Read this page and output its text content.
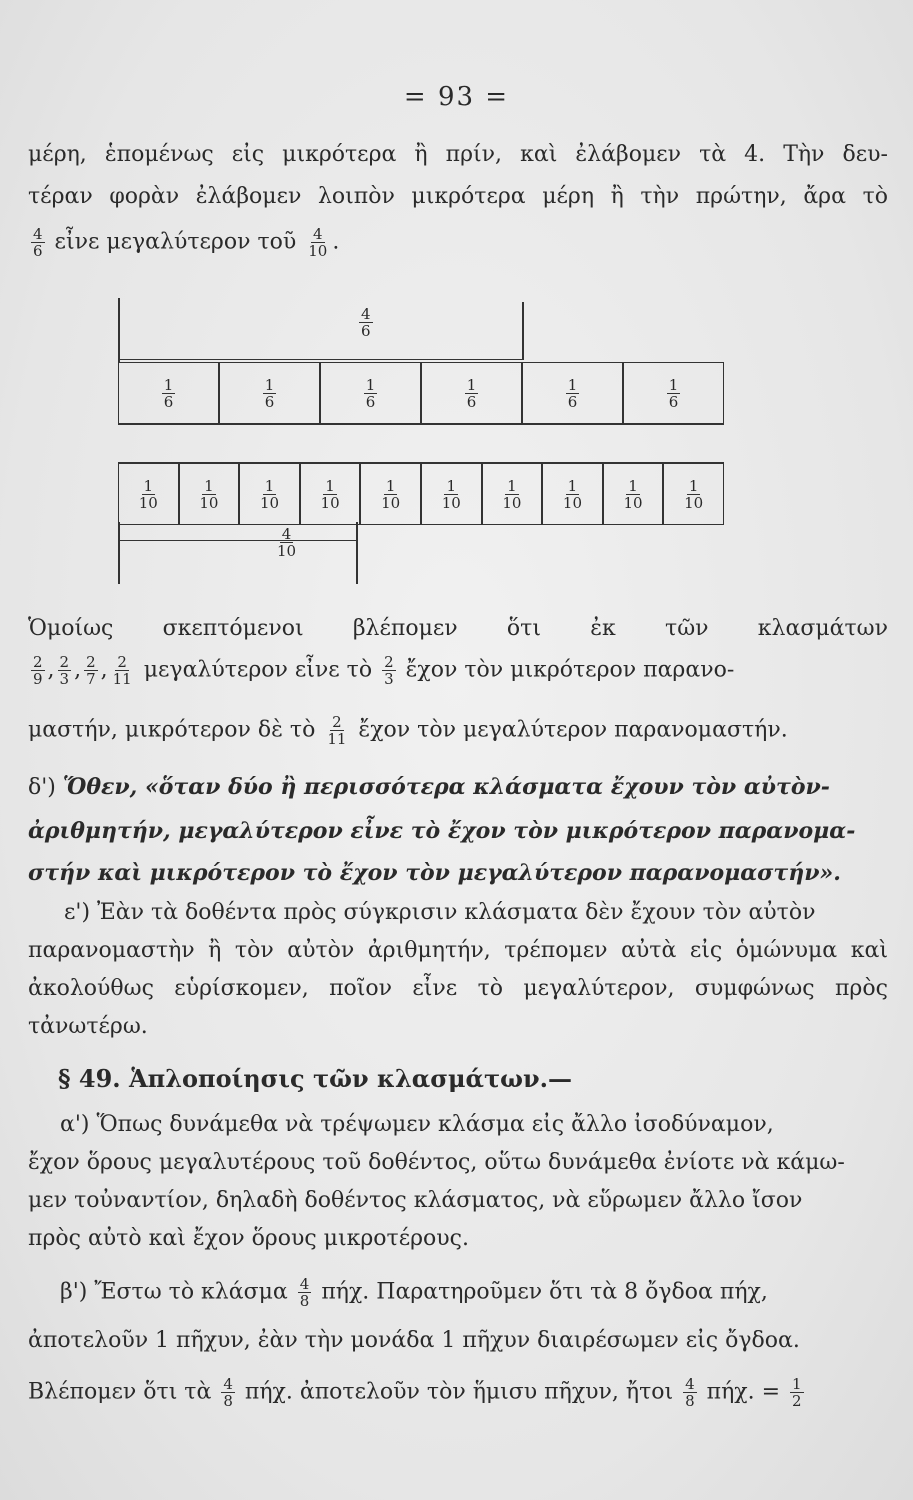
= 93 =
μέρη, ἑπομένως εἰς μικρότερα ἢ πρίν, καὶ ἐλάβομεν τὰ 4. Τὴν δευ-
τέραν φορὰν ἐλάβομεν λοιπὸν μικρότερα μέρη ἢ τὴν πρώτην, ἄρα τὸ
$\frac{4}{6}$ εἶνε μεγαλύτερον τοῦ $\frac{4}{10}$ .
$\frac{4}{6}$
$\frac{1}{6}$	$\frac{1}{6}$	$\frac{1}{6}$	$\frac{1}{6}$	$\frac{1}{6}$	$\frac{1}{6}$
$\frac{1}{10}$	$\frac{1}{10}$	$\frac{1}{10}$	$\frac{1}{10}$	$\frac{1}{10}$	$\frac{1}{10}$	$\frac{1}{10}$	$\frac{1}{10}$	$\frac{1}{10}$	$\frac{1}{10}$
$\frac{4}{10}$
Ὁμοίως σκεπτόμενοι βλέπομεν ὅτι ἐκ τῶν κλασμάτων
$\frac{2}{9}$ , $\frac{2}{3}$ , $\frac{2}{7}$ , $\frac{2}{11}$ μεγαλύτερον εἶνε τὸ $\frac{2}{3}$ ἔχον τὸν μικρότερον παρανο-
μαστήν, μικρότερον δὲ τὸ $\frac{2}{11}$ ἔχον τὸν μεγαλύτερον παρανομαστήν.
δ') Ὅθεν, «ὅταν δύο ἢ περισσότερα κλάσματα ἔχουν τὸν αὐτὸν-
ἀριθμητήν, μεγαλύτερον εἶνε τὸ ἔχον τὸν μικρότερον παρανομα-
στήν καὶ μικρότερον τὸ ἔχον τὸν μεγαλύτερον παρανομαστήν».
ε') Ἐὰν τὰ δοθέντα πρὸς σύγκρισιν κλάσματα δὲν ἔχουν τὸν αὐτὸν
παρανομαστὴν ἢ τὸν αὐτὸν ἀριθμητήν, τρέπομεν αὐτὰ εἰς ὁμώνυμα καὶ
ἀκολούθως εὑρίσκομεν, ποῖον εἶνε τὸ μεγαλύτερον, συμφώνως πρὸς
τἀνωτέρω.
§ 49. Ἁπλοποίησις τῶν κλασμάτων.—
α') Ὅπως δυνάμεθα νὰ τρέψωμεν κλάσμα εἰς ἄλλο ἰσοδύναμον,
ἔχον ὅρους μεγαλυτέρους τοῦ δοθέντος, οὕτω δυνάμεθα ἐνίοτε νὰ κάμω-
μεν τοὐναντίον, δηλαδὴ δοθέντος κλάσματος, νὰ εὕρωμεν ἄλλο ἴσον
πρὸς αὐτὸ καὶ ἔχον ὅρους μικροτέρους.
β') Ἔστω τὸ κλάσμα $\frac{4}{8} \pi ή\chi$. Παρατηροῦμεν ὅτι τὰ 8 ὄγδοα πήχ,
ἀποτελοῦν 1 πῆχυν, ἐὰν τὴν μονάδα 1 πῆχυν διαιρέσωμεν εἰς ὄγδοα.
Βλέπομεν ὅτι τὰ $\frac{4}{8} \pi ή\chi$. ἀποτελοῦν τὸν ἥμισυ πῆχυν, ἤτοι $\frac{4}{8} \pi ή\chi$. = $\frac{1}{2}$
